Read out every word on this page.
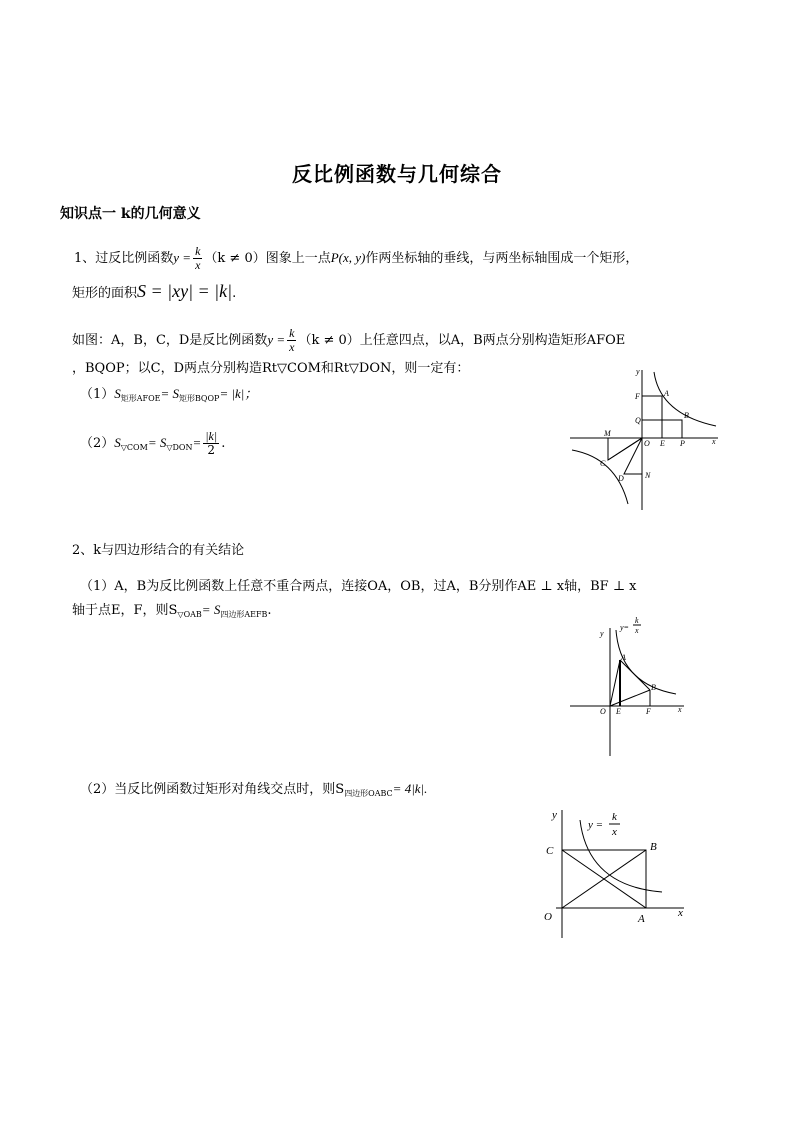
反比例函数与几何综合
知识点一 k的几何意义
1、过反比例函数$y = \frac{k}{x} (k \ne 0)$图象上一点P(x, y)作两坐标轴的垂线，与两坐标轴围成一个矩形，
矩形的面积S = |xy| = |k|.
如图：A，B，C，D是反比例函数$y = \frac{k}{x} (k \ne 0)$上任意四点，以A，B两点分别构造矩形AFOE
，BQOP；以C，D两点分别构造Rt▽COM和Rt▽DON，则一定有：
$(1)S_{矩形AFOE}= S_{矩形BQOP}= |k|$；
$(2)S_{▽COM}= S_{▽DON}= \frac{|k|}{2}$ .
y
x
A
B
F
Q
O E P
M
C
D	N
2、k与四边形结合的有关结论
（1）A，B为反比例函数上任意不重合两点，连接OA，OB，过A，B分别作AE ⊥ x轴，BF ⊥ x
轴于点E，F，则$S_{▽OAB}= S_{四边形AEFB}$.
y
x
y=
k
x
A
B
O E	F
（2）当反比例函数过矩形对角线交点时，则$S_{四边形OABC}= 4|k|$.
y
x
y =
k
x
C	B
O	A
